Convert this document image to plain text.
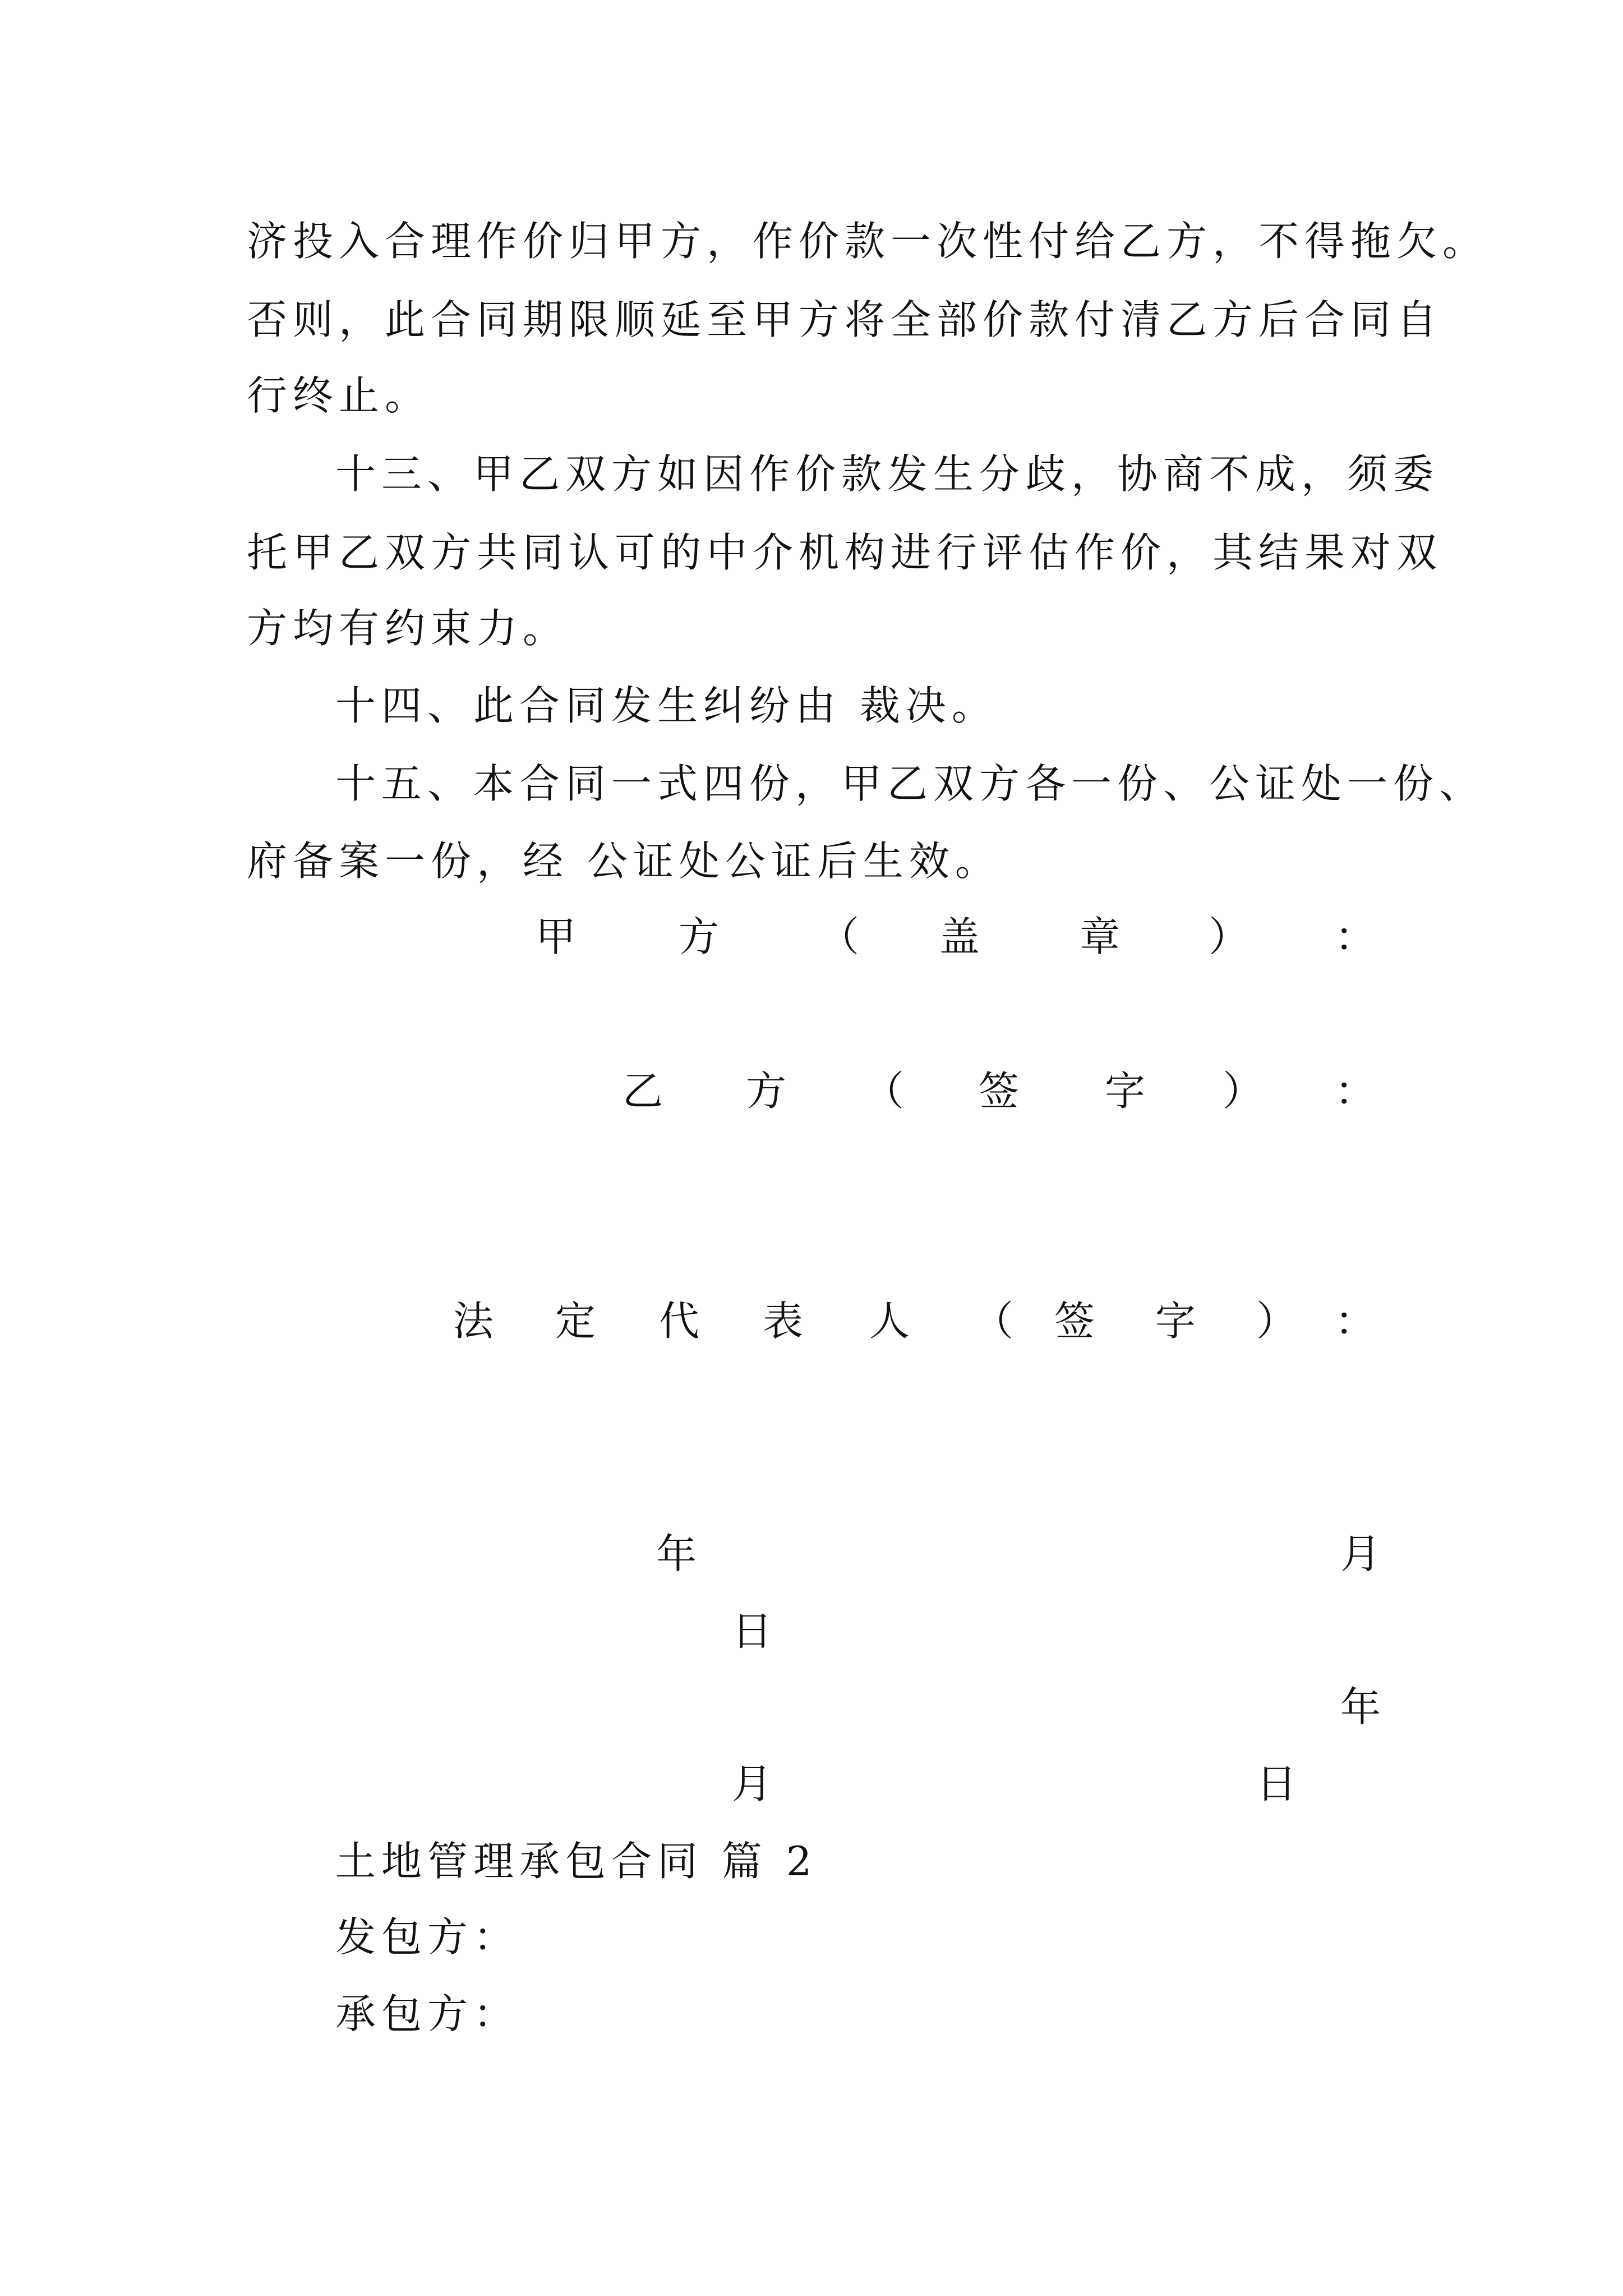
济投入合理作价归甲方，作价款一次性付给乙方，不得拖欠。
否则，此合同期限顺延至甲方将全部价款付清乙方后合同自
行终止。
十三、甲乙双方如因作价款发生分歧，协商不成，须委
托甲乙双方共同认可的中介机构进行评估作价，其结果对双
方均有约束力。
十四、此合同发生纠纷由 裁决。
十五、本合同一式四份，甲乙双方各一份、公证处一份、
府备案一份，经 公证处公证后生效。
甲	方 （ 盖 章 ） ：
乙 方 （ 签 字 ） ：
法 定 代 表 人 （ 签 字 ） ：
年	月
日
年
月	日
土地管理承包合同 篇 2
发包方：
承包方：
